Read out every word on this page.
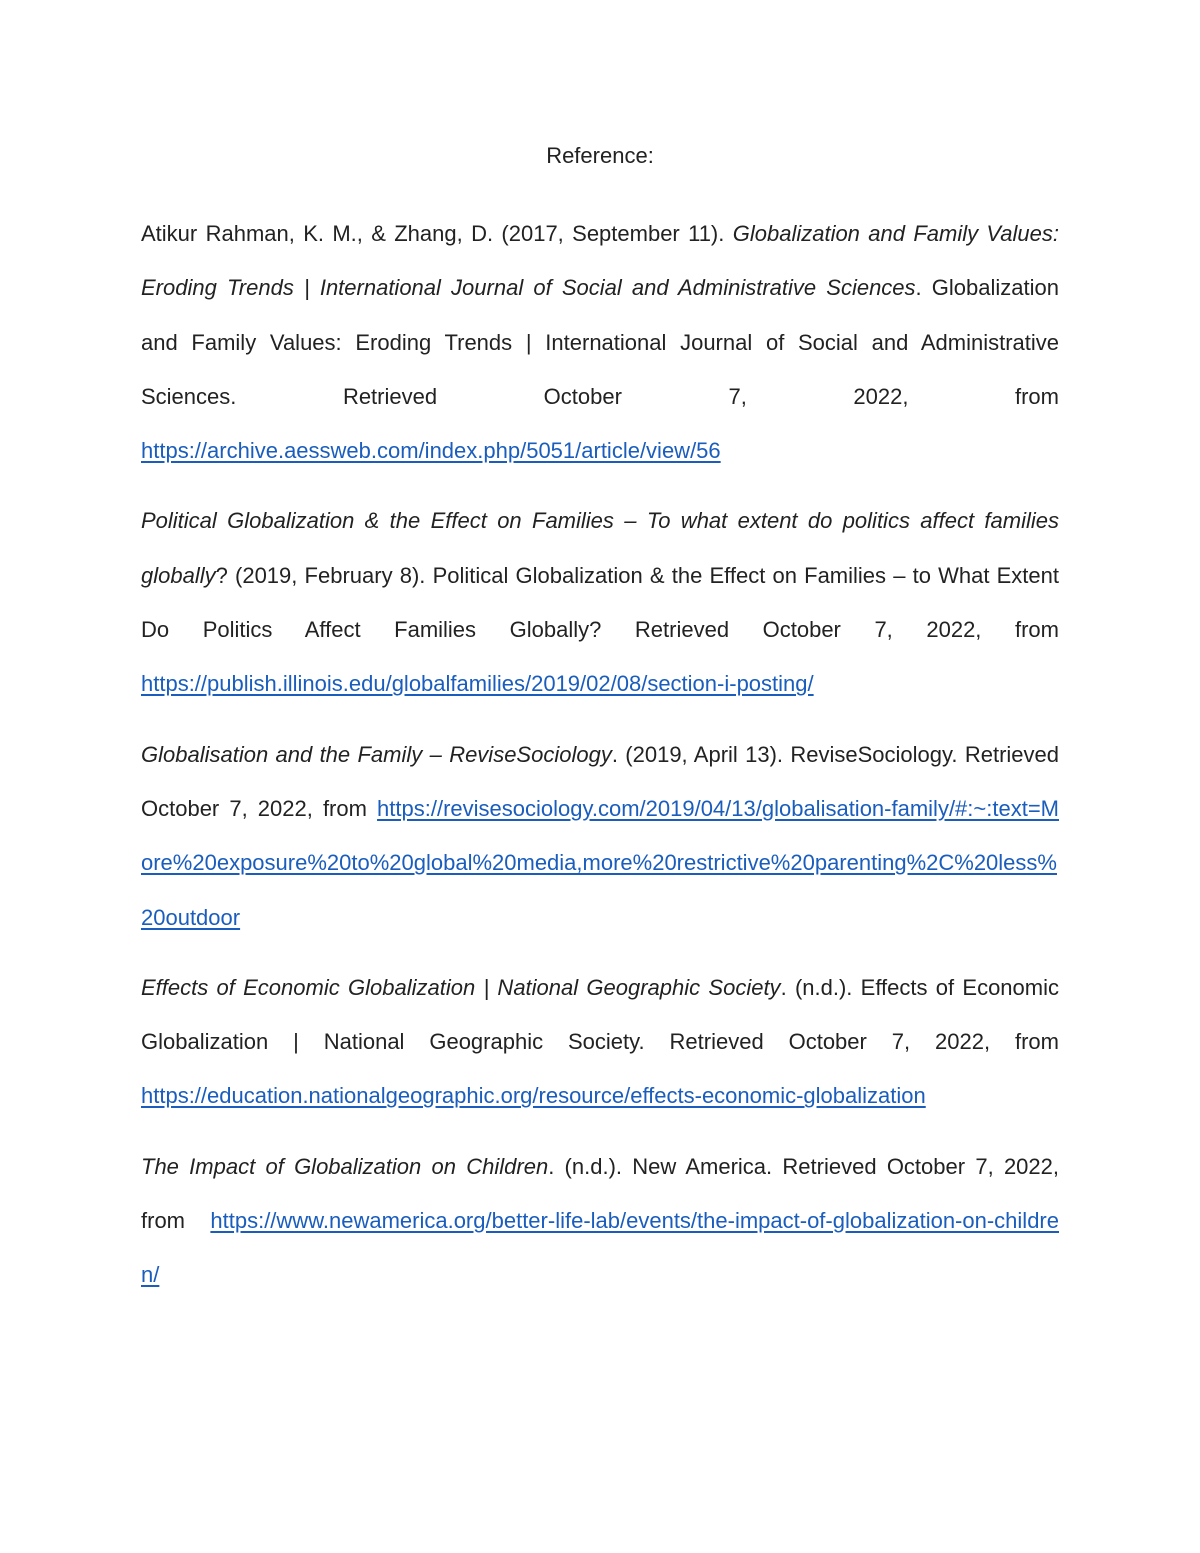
Reference:

Atikur Rahman, K. M., & Zhang, D. (2017, September 11). Globalization and Family Values: Eroding Trends | International Journal of Social and Administrative Sciences. Globalization and Family Values: Eroding Trends | International Journal of Social and Administrative Sciences. Retrieved October 7, 2022, from https://archive.aessweb.com/index.php/5051/article/view/56

Political Globalization & the Effect on Families – To what extent do politics affect families globally? (2019, February 8). Political Globalization & the Effect on Families – to What Extent Do Politics Affect Families Globally? Retrieved October 7, 2022, from https://publish.illinois.edu/globalfamilies/2019/02/08/section-i-posting/

Globalisation and the Family – ReviseSociology. (2019, April 13). ReviseSociology. Retrieved October 7, 2022, from https://revisesociology.com/2019/04/13/globalisation-family/#:~:text=More%20exposure%20to%20global%20media,more%20restrictive%20parenting%2C%20less%20outdoor

Effects of Economic Globalization | National Geographic Society. (n.d.). Effects of Economic Globalization | National Geographic Society. Retrieved October 7, 2022, from https://education.nationalgeographic.org/resource/effects-economic-globalization

The Impact of Globalization on Children. (n.d.). New America. Retrieved October 7, 2022, from https://www.newamerica.org/better-life-lab/events/the-impact-of-globalization-on-children/
